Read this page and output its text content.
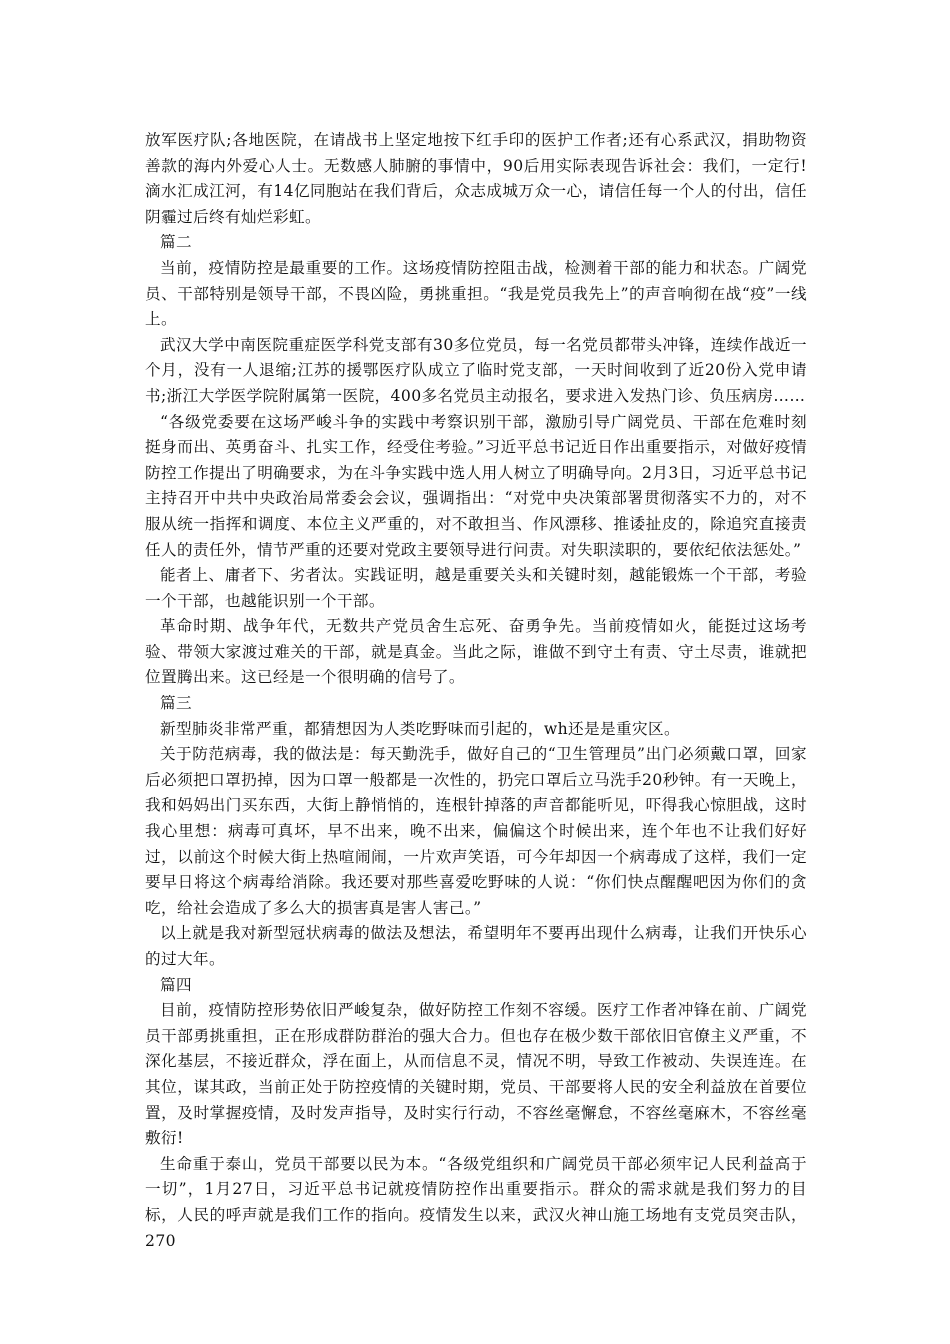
放军医疗队;各地医院，在请战书上坚定地按下红手印的医护工作者;还有心系武汉，捐助物资善款的海内外爱心人士。无数感人肺腑的事情中，90后用实际表现告诉社会：我们，一定行!滴水汇成江河，有14亿同胞站在我们背后，众志成城万众一心，请信任每一个人的付出，信任阴霾过后终有灿烂彩虹。

篇二

当前，疫情防控是最重要的工作。这场疫情防控阻击战，检测着干部的能力和状态。广阔党员、干部特别是领导干部，不畏凶险，勇挑重担。“我是党员我先上”的声音响彻在战“疫”一线上。

武汉大学中南医院重症医学科党支部有30多位党员，每一名党员都带头冲锋，连续作战近一个月，没有一人退缩;江苏的援鄂医疗队成立了临时党支部，一天时间收到了近20份入党申请书;浙江大学医学院附属第一医院，400多名党员主动报名，要求进入发热门诊、负压病房……

“各级党委要在这场严峻斗争的实践中考察识别干部，激励引导广阔党员、干部在危难时刻挺身而出、英勇奋斗、扎实工作，经受住考验。”习近平总书记近日作出重要指示，对做好疫情防控工作提出了明确要求，为在斗争实践中选人用人树立了明确导向。2月3日，习近平总书记主持召开中共中央政治局常委会会议，强调指出：“对党中央决策部署贯彻落实不力的，对不服从统一指挥和调度、本位主义严重的，对不敢担当、作风漂移、推诿扯皮的，除追究直接责任人的责任外，情节严重的还要对党政主要领导进行问责。对失职渎职的，要依纪依法惩处。”

能者上、庸者下、劣者汰。实践证明，越是重要关头和关键时刻，越能锻炼一个干部，考验一个干部，也越能识别一个干部。

革命时期、战争年代，无数共产党员舍生忘死、奋勇争先。当前疫情如火，能挺过这场考验、带领大家渡过难关的干部，就是真金。当此之际，谁做不到守土有责、守土尽责，谁就把位置腾出来。这已经是一个很明确的信号了。

篇三

新型肺炎非常严重，都猜想因为人类吃野味而引起的，wh还是是重灾区。

关于防范病毒，我的做法是：每天勤洗手，做好自己的“卫生管理员”出门必须戴口罩，回家后必须把口罩扔掉，因为口罩一般都是一次性的，扔完口罩后立马洗手20秒钟。有一天晚上，我和妈妈出门买东西，大街上静悄悄的，连根针掉落的声音都能听见，吓得我心惊胆战，这时我心里想：病毒可真坏，早不出来，晚不出来，偏偏这个时候出来，连个年也不让我们好好过，以前这个时候大街上热喧闹闹，一片欢声笑语，可今年却因一个病毒成了这样，我们一定要早日将这个病毒给消除。我还要对那些喜爱吃野味的人说：“你们快点醒醒吧因为你们的贪吃，给社会造成了多么大的损害真是害人害己。”

以上就是我对新型冠状病毒的做法及想法，希望明年不要再出现什么病毒，让我们开快乐心的过大年。

篇四

目前，疫情防控形势依旧严峻复杂，做好防控工作刻不容缓。医疗工作者冲锋在前、广阔党员干部勇挑重担，正在形成群防群治的强大合力。但也存在极少数干部依旧官僚主义严重，不深化基层，不接近群众，浮在面上，从而信息不灵，情况不明，导致工作被动、失误连连。在其位，谋其政，当前正处于防控疫情的关键时期，党员、干部要将人民的安全利益放在首要位置，及时掌握疫情，及时发声指导，及时实行行动，不容丝毫懈怠，不容丝毫麻木，不容丝毫敷衍!

生命重于泰山，党员干部要以民为本。“各级党组织和广阔党员干部必须牢记人民利益高于一切”，1月27日，习近平总书记就疫情防控作出重要指示。群众的需求就是我们努力的目标，人民的呼声就是我们工作的指向。疫情发生以来，武汉火神山施工场地有支党员突击队，270
